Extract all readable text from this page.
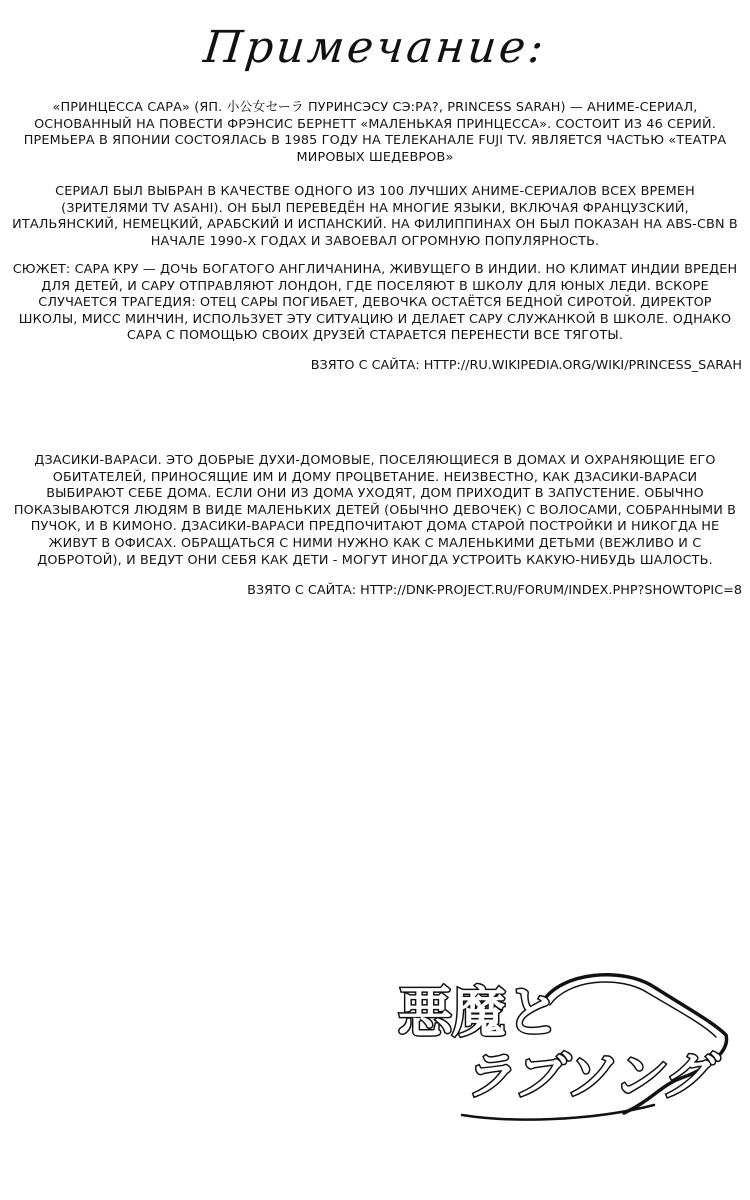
Примечание:

«ПРИНЦЕССА САРА» (ЯП. 小公女セーラ ПУРИНСЭСУ СЭ:РА?, PRINCESS SARAH) — АНИМЕ-СЕРИАЛ, ОСНОВАННЫЙ НА ПОВЕСТИ ФРЭНСИС БЕРНЕТТ «МАЛЕНЬКАЯ ПРИНЦЕССА». СОСТОИТ ИЗ 46 СЕРИЙ. ПРЕМЬЕРА В ЯПОНИИ СОСТОЯЛАСЬ В 1985 ГОДУ НА ТЕЛЕКАНАЛЕ FUJI TV. ЯВЛЯЕТСЯ ЧАСТЬЮ «ТЕАТРА МИРОВЫХ ШЕДЕВРОВ»

СЕРИАЛ БЫЛ ВЫБРАН В КАЧЕСТВЕ ОДНОГО ИЗ 100 ЛУЧШИХ АНИМЕ-СЕРИАЛОВ ВСЕХ ВРЕМЕН (ЗРИТЕЛЯМИ TV ASAHI). ОН БЫЛ ПЕРЕВЕДЁН НА МНОГИЕ ЯЗЫКИ, ВКЛЮЧАЯ ФРАНЦУЗСКИЙ, ИТАЛЬЯНСКИЙ, НЕМЕЦКИЙ, АРАБСКИЙ И ИСПАНСКИЙ. НА ФИЛИППИНАХ ОН БЫЛ ПОКАЗАН НА ABS-CBN В НАЧАЛЕ 1990-Х ГОДАХ И ЗАВОЕВАЛ ОГРОМНУЮ ПОПУЛЯРНОСТЬ.

СЮЖЕТ: САРА КРУ — ДОЧЬ БОГАТОГО АНГЛИЧАНИНА, ЖИВУЩЕГО В ИНДИИ. НО КЛИМАТ ИНДИИ ВРЕДЕН ДЛЯ ДЕТЕЙ, И САРУ ОТПРАВЛЯЮТ ЛОНДОН, ГДЕ ПОСЕЛЯЮТ В ШКОЛУ ДЛЯ ЮНЫХ ЛЕДИ. ВСКОРЕ СЛУЧАЕТСЯ ТРАГЕДИЯ: ОТЕЦ САРЫ ПОГИБАЕТ, ДЕВОЧКА ОСТАЁТСЯ БЕДНОЙ СИРОТОЙ. ДИРЕКТОР ШКОЛЫ, МИСС МИНЧИН, ИСПОЛЬЗУЕТ ЭТУ СИТУАЦИЮ И ДЕЛАЕТ САРУ СЛУЖАНКОЙ В ШКОЛЕ. ОДНАКО САРА С ПОМОЩЬЮ СВОИХ ДРУЗЕЙ СТАРАЕТСЯ ПЕРЕНЕСТИ ВСЕ ТЯГОТЫ.

ВЗЯТО С САЙТА: HTTP://RU.WIKIPEDIA.ORG/WIKI/PRINCESS_SARAH

ДЗАСИКИ-ВАРАСИ. ЭТО ДОБРЫЕ ДУХИ-ДОМОВЫЕ, ПОСЕЛЯЮЩИЕСЯ В ДОМАХ И ОХРАНЯЮЩИЕ ЕГО ОБИТАТЕЛЕЙ, ПРИНОСЯЩИЕ ИМ И ДОМУ ПРОЦВЕТАНИЕ. НЕИЗВЕСТНО, КАК ДЗАСИКИ-ВАРАСИ ВЫБИРАЮТ СЕБЕ ДОМА. ЕСЛИ ОНИ ИЗ ДОМА УХОДЯТ, ДОМ ПРИХОДИТ В ЗАПУСТЕНИЕ. ОБЫЧНО ПОКАЗЫВАЮТСЯ ЛЮДЯМ В ВИДЕ МАЛЕНЬКИХ ДЕТЕЙ (ОБЫЧНО ДЕВОЧЕК) С ВОЛОСАМИ, СОБРАННЫМИ В ПУЧОК, И В КИМОНО. ДЗАСИКИ-ВАРАСИ ПРЕДПОЧИТАЮТ ДОМА СТАРОЙ ПОСТРОЙКИ И НИКОГДА НЕ ЖИВУТ В ОФИСАХ. ОБРАЩАТЬСЯ С НИМИ НУЖНО КАК С МАЛЕНЬКИМИ ДЕТЬМИ (ВЕЖЛИВО И С ДОБРОТОЙ), И ВЕДУТ ОНИ СЕБЯ КАК ДЕТИ - МОГУТ ИНОГДА УСТРОИТЬ КАКУЮ-НИБУДЬ ШАЛОСТЬ.

ВЗЯТО С САЙТА: HTTP://DNK-PROJECT.RU/FORUM/INDEX.PHP?SHOWTOPIC=8
悪魔と
ラブソング
